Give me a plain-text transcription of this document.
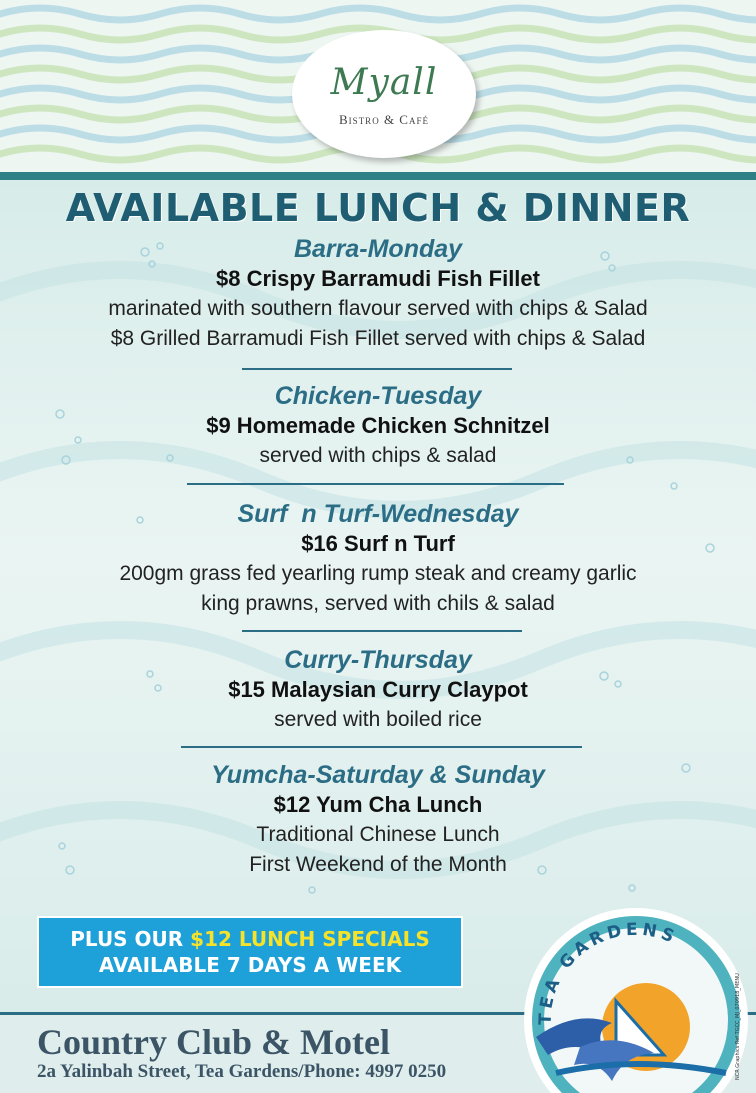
Myall
Bistro & Café
AVAILABLE LUNCH & DINNER
Barra-Monday
$8 Crispy Barramudi Fish Fillet
marinated with southern flavour served with chips & Salad
$8 Grilled Barramudi Fish Fillet served with chips & Salad
Chicken-Tuesday
$9 Homemade Chicken Schnitzel
served with chips & salad
Surf  n Turf-Wednesday
$16 Surf n Turf
200gm grass fed yearling rump steak and creamy garlic
king prawns, served with chils & salad
Curry-Thursday
$15 Malaysian Curry Claypot
served with boiled rice
Yumcha-Saturday & Sunday
$12 Yum Cha Lunch
Traditional Chinese Lunch
First Weekend of the Month
PLUS OUR $12 LUNCH SPECIALS
AVAILABLE 7 DAYS A WEEK
Country Club & Motel
2a Yalinbah Street, Tea Gardens/Phone: 4997 0250
TEA GARDENS
NCR Graphics Ref TGCC_MJ_070918_MENU
